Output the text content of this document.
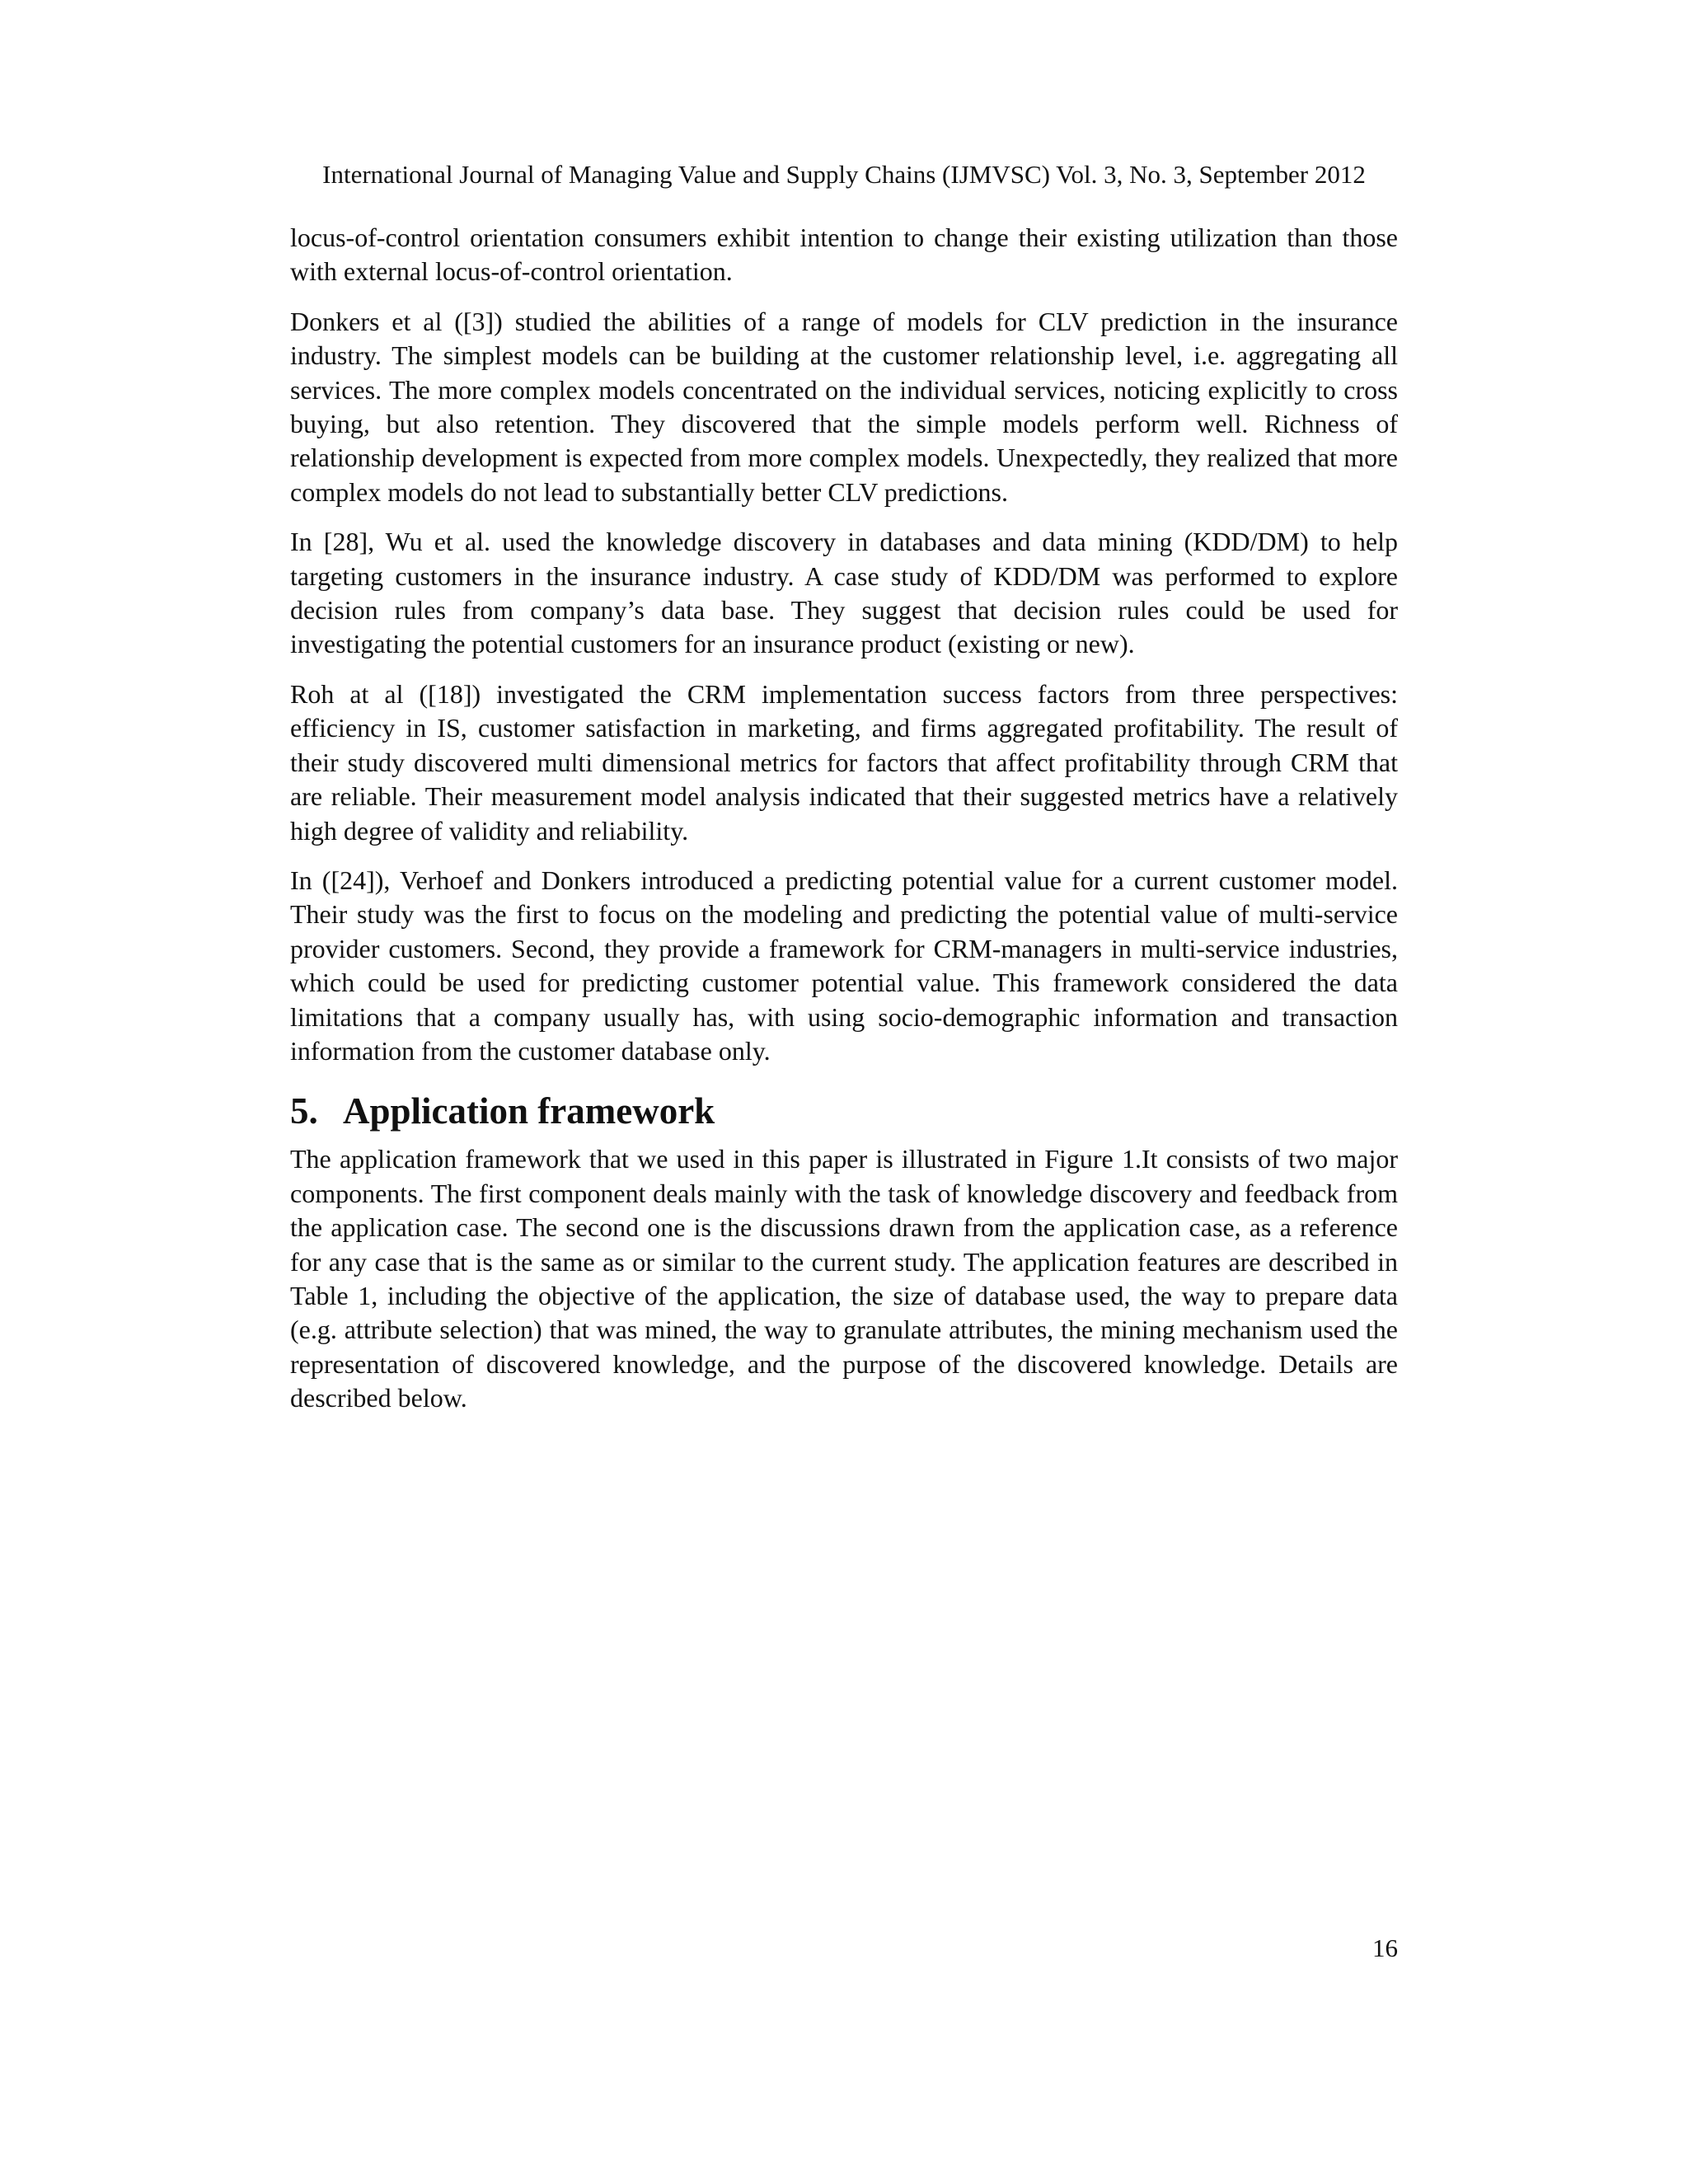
International Journal of Managing Value and Supply Chains (IJMVSC) Vol. 3, No. 3, September 2012

locus-of-control orientation consumers exhibit intention to change their existing utilization than those with external locus-of-control orientation.

Donkers et al ([3]) studied the abilities of a range of models for CLV prediction in the insurance industry. The simplest models can be building at the customer relationship level, i.e. aggregating all services. The more complex models concentrated on the individual services, noticing explicitly to cross buying, but also retention. They discovered that the simple models perform well. Richness of relationship development is expected from more complex models. Unexpectedly, they realized that more complex models do not lead to substantially better CLV predictions.

In [28], Wu et al. used the knowledge discovery in databases and data mining (KDD/DM) to help targeting customers in the insurance industry. A case study of KDD/DM was performed to explore decision rules from company’s data base. They suggest that decision rules could be used for investigating the potential customers for an insurance product (existing or new).

Roh at al ([18]) investigated the CRM implementation success factors from three perspectives: efficiency in IS, customer satisfaction in marketing, and firms aggregated profitability. The result of their study discovered multi dimensional metrics for factors that affect profitability through CRM that are reliable. Their measurement model analysis indicated that their suggested metrics have a relatively high degree of validity and reliability.

In ([24]), Verhoef and Donkers introduced a predicting potential value for a current customer model. Their study was the first to focus on the modeling and predicting the potential value of multi-service provider customers. Second, they provide a framework for CRM-managers in multi-service industries, which could be used for predicting customer potential value. This framework considered the data limitations that a company usually has, with using socio-demographic information and transaction information from the customer database only.

5. Application framework

The application framework that we used in this paper is illustrated in Figure 1.It consists of two major components. The first component deals mainly with the task of knowledge discovery and feedback from the application case. The second one is the discussions drawn from the application case, as a reference for any case that is the same as or similar to the current study. The application features are described in Table 1, including the objective of the application, the size of database used, the way to prepare data (e.g. attribute selection) that was mined, the way to granulate attributes, the mining mechanism used the representation of discovered knowledge, and the purpose of the discovered knowledge. Details are described below.

16
